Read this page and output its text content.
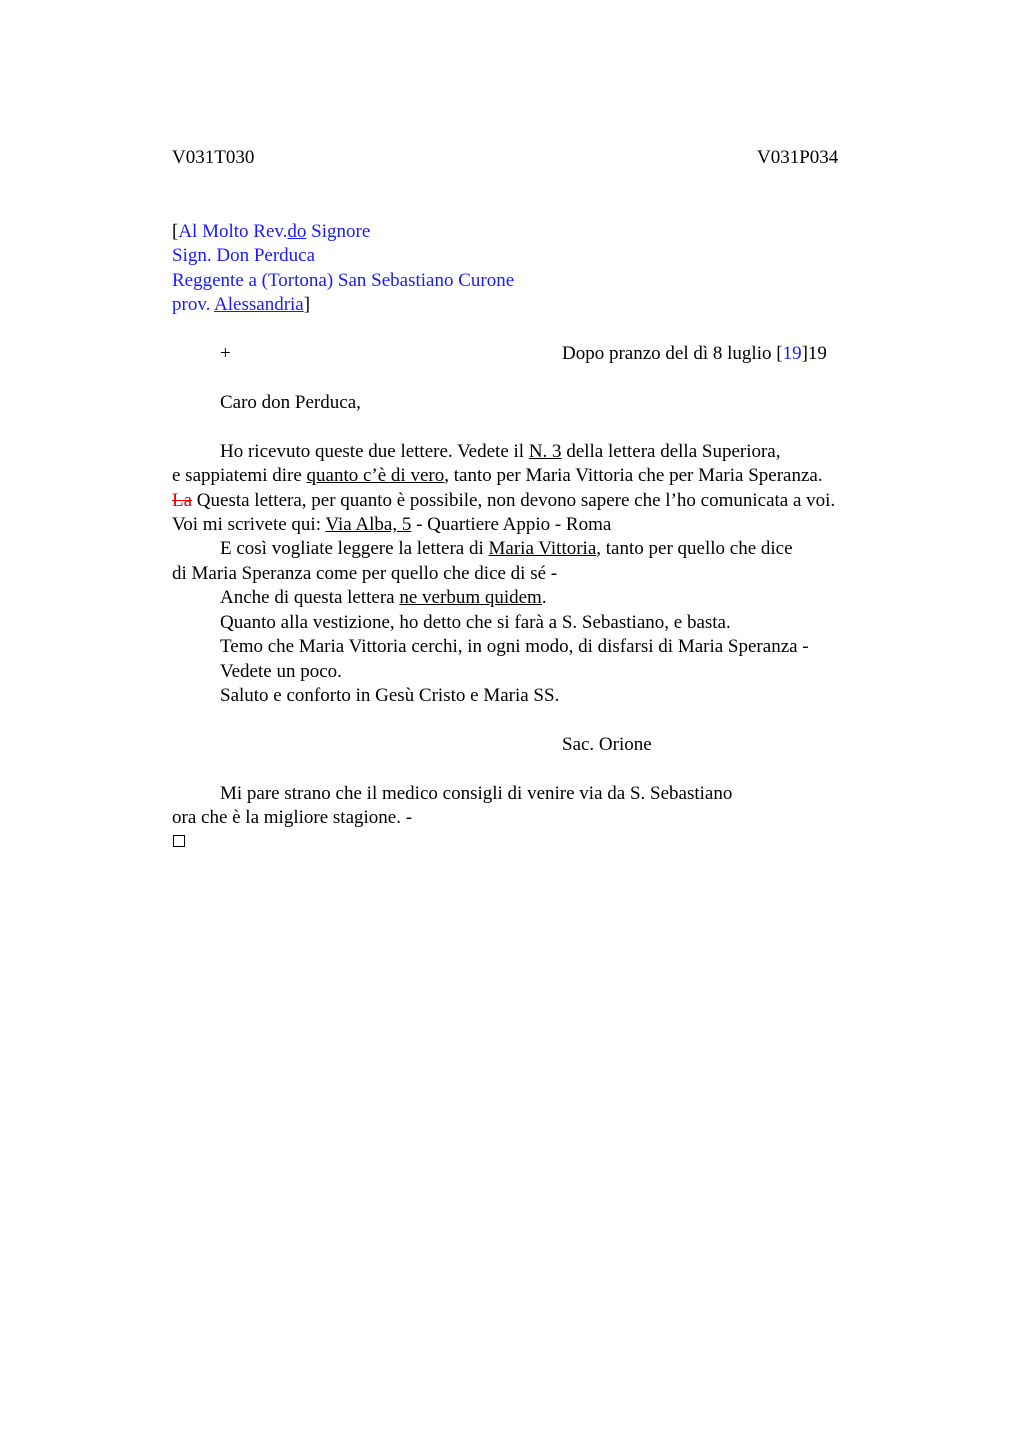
V031T030	V031P034
[Al Molto Rev.do Signore
Sign. Don Perduca
Reggente a (Tortona) San Sebastiano Curone
prov. Alessandria]
+	Dopo pranzo del dì 8 luglio [19]19
Caro don Perduca,
Ho ricevuto queste due lettere. Vedete il N. 3 della lettera della Superiora,
e sappiatemi dire quanto c’è di vero, tanto per Maria Vittoria che per Maria Speranza.
La Questa lettera, per quanto è possibile, non devono sapere che l’ho comunicata a voi.
Voi mi scrivete qui: Via Alba, 5 - Quartiere Appio - Roma
E così vogliate leggere la lettera di Maria Vittoria, tanto per quello che dice
di Maria Speranza come per quello che dice di sé -
Anche di questa lettera ne verbum quidem.
Quanto alla vestizione, ho detto che si farà a S. Sebastiano, e basta.
Temo che Maria Vittoria cerchi, in ogni modo, di disfarsi di Maria Speranza -
Vedete un poco.
Saluto e conforto in Gesù Cristo e Maria SS.
Sac. Orione
Mi pare strano che il medico consigli di venire via da S. Sebastiano
ora che è la migliore stagione. -
